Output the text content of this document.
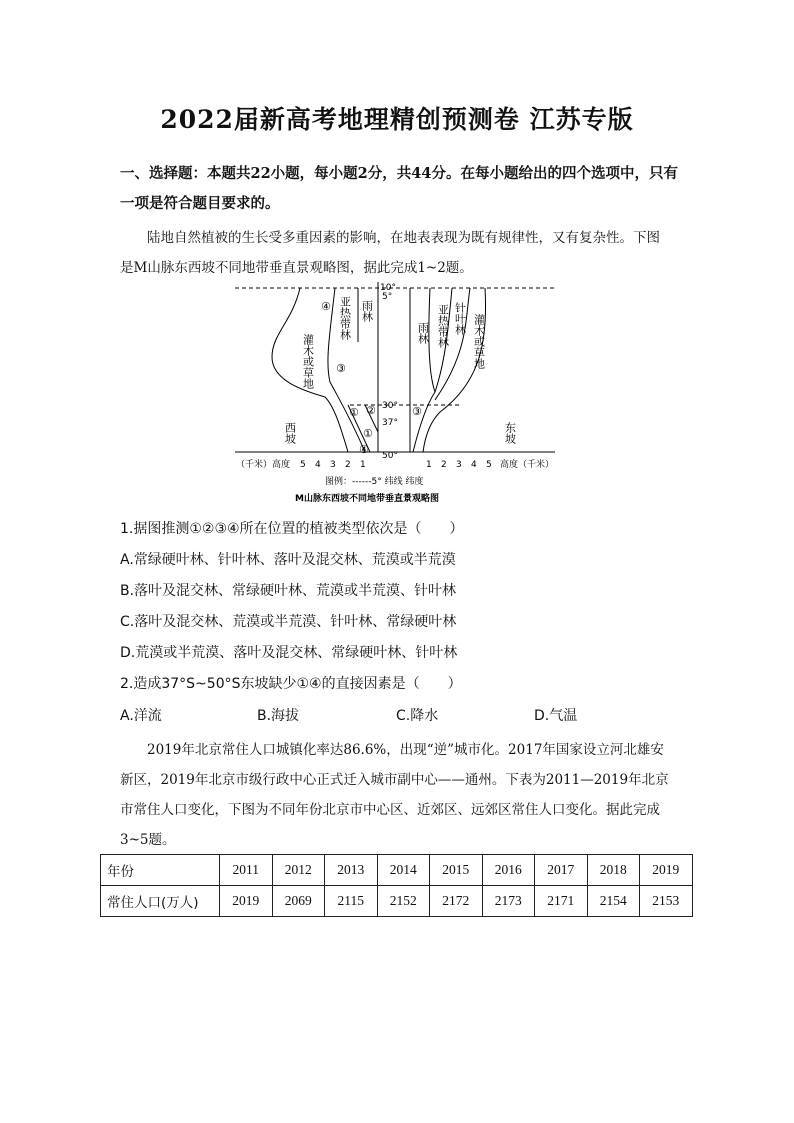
2022届新高考地理精创预测卷 江苏专版
一、选择题：本题共22小题，每小题2分，共44分。在每小题给出的四个选项中，只有
一项是符合题目要求的。
陆地自然植被的生长受多重因素的影响，在地表表现为既有规律性，又有复杂性。下图
是M山脉东西坡不同地带垂直景观略图，据此完成1~2题。
10°
5°
30°
37°
50°
亚热带林 雨林
灌木或草地
④
③
① ②
①
④
西坡	东坡
雨林 亚热带林 针叶林 灌木或草地
③
（千米）高度 5 4 3 2 1	1 2 3 4 5 高度（千米）
图例：------5° 纬线 纬度
M山脉东西坡不同地带垂直景观略图
1.据图推测①②③④所在位置的植被类型依次是（　　）
A.常绿硬叶林、针叶林、落叶及混交林、荒漠或半荒漠
B.落叶及混交林、常绿硬叶林、荒漠或半荒漠、针叶林
C.落叶及混交林、荒漠或半荒漠、针叶林、常绿硬叶林
D.荒漠或半荒漠、落叶及混交林、常绿硬叶林、针叶林
2.造成37°S~50°S东坡缺少①④的直接因素是（　　）
A.洋流	B.海拔	C.降水	D.气温
2019年北京常住人口城镇化率达86.6%，出现“逆”城市化。2017年国家设立河北雄安
新区，2019年北京市级行政中心正式迁入城市副中心——通州。下表为2011—2019年北京
市常住人口变化，下图为不同年份北京市中心区、近郊区、远郊区常住人口变化。据此完成
3~5题。
年份	2011	2012	2013	2014	2015	2016	2017	2018	2019
常住人口(万人)	2019	2069	2115	2152	2172	2173	2171	2154	2153
